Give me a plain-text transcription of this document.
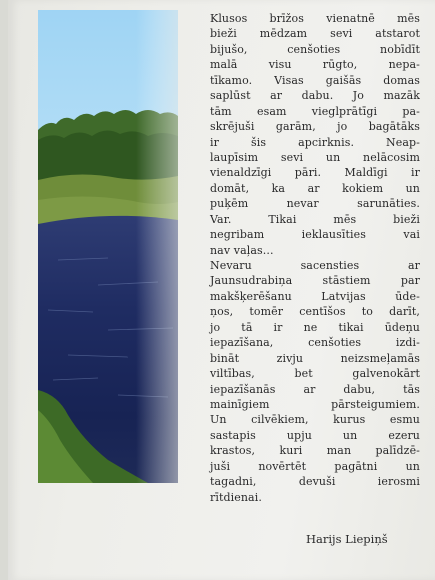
Klusos brīžos vienatnē mēs
bieži mēdzam sevi atstarot
bijušo, cenšoties nobīdīt
malā visu rūgto, nepa-
tīkamo. Visas gaišās domas
saplūst ar dabu. Jo mazāk
tām esam vieglprātīgi pa-
skrējuši garām, jo bagātāks
ir šis apcirknis. Neap-
laupīsim sevi un nelācosim
vienaldzīgi pāri. Maldīgi ir
domāt, ka ar kokiem un
puķēm nevar sarunāties.
Var. Tikai mēs bieži
negribam ieklausīties vai
nav vaļas...
Nevaru sacensties ar
Jaunsudrabiņa stāstiem par
makšķerēšanu Latvijas ūde-
ņos, tomēr centīšos to darīt,
jo tā ir ne tikai ūdeņu
iepazīšana, cenšoties izdi-
bināt zivju neizsmeļamās
viltības, bet galvenokārt
iepazīšanās ar dabu, tās
mainīgiem pārsteigumiem.
Un cilvēkiem, kurus esmu
sastapis upju un ezeru
krastos, kuri man palīdzē-
juši novērtēt pagātni un
tagadni, devuši ierosmi
rītdienai.
Harijs Liepiņš
